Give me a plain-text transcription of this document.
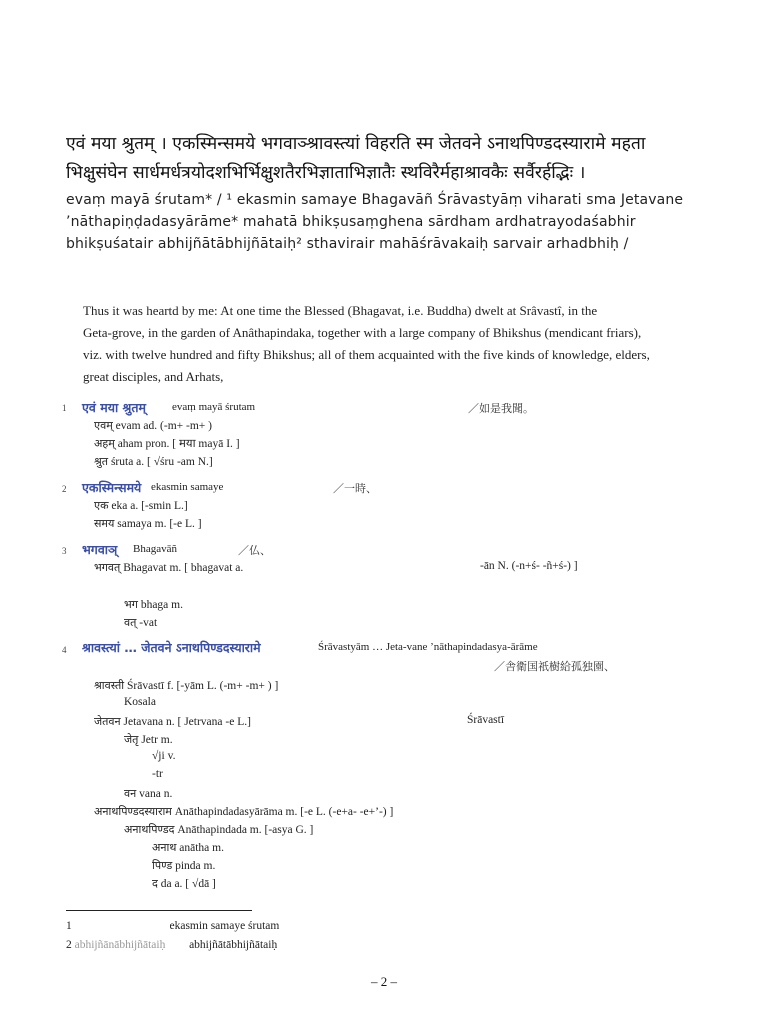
एवं मया श्रुतम् । एकस्मिन्समये भगवाञ्श्रावस्त्यां विहरति स्म जेतवने ऽनाथपिण्डदस्यारामे महता
भिक्षुसंघेन सार्धमर्धत्रयोदशभिर्भिक्षुशतैरभिज्ञाताभिज्ञातैः स्थविरैर्महाश्रावकैः सर्वैरर्हद्भिः ।
evaṃ mayā śrutam* / ¹ ekasmin samaye Bhagavāñ Śrāvastyāṃ viharati sma Jetavane
’nāthapiṇḍadasyārāme* mahatā bhikṣusaṃghena sārdham ardhatrayodaśabhir
bhikṣuśatair abhijñātābhijñātaiḥ² sthavirair mahāśrāvakaiḥ sarvair arhadbhiḥ /
Thus it was heartd by me: At one time the Blessed (Bhagavat, i.e. Buddha) dwelt at Srâvastî, in the
Geta-grove, in the garden of Anâthapindaka, together with a large company of Bhikshus (mendicant friars),
viz. with twelve hundred and fifty Bhikshus; all of them acquainted with the five kinds of knowledge, elders,
great disciples, and Arhats,
1 एवं मया श्रुतम् evaṃ mayā śrutam	／如是我聞。
एवम् evam ad. (-m+ -m+ )
अहम् aham pron. [ मया mayā I. ]
श्रुत śruta a. [ √śru -am N.]
2 एकस्मिन्समये ekasmin samaye	／一時、
एक eka a. [-smin L.]
समय samaya m. [-e L. ]
3 भगवाञ् Bhagavāñ	／仏、
भगवत् Bhagavat m. [ bhagavat a.	-ān N. (-n+ś- -ñ+ś-) ]
भग bhaga m.
वत् -vat
4 श्रावस्त्यां … जेतवने ऽनाथपिण्डदस्यारामे	Śrāvastyām … Jeta-vane ’nāthapindadasya-ārāme
／舎衛国祇樹給孤独園、
श्रावस्ती Śrāvastī f. [-yām L. (-m+ -m+ ) ]
Kosala
जेतवन Jetavana n. [ Jetrvana -e L.]	Śrāvastī
जेतृ Jetr m.
√ji v.
-tr
वन vana n.
अनाथपिण्डदस्याराम Anāthapindadasyārāma m. [-e L. (-e+a- -e+’-) ]
अनाथपिण्डद Anāthapindada m. [-asya G. ]
अनाथ anātha m.
पिण्ड pinda m.
द da a. [ √dā ]
1	ekasmin samaye śrutam
2 abhijñānābhijñātaiḥ abhijñātābhijñātaiḥ
– 2 –
